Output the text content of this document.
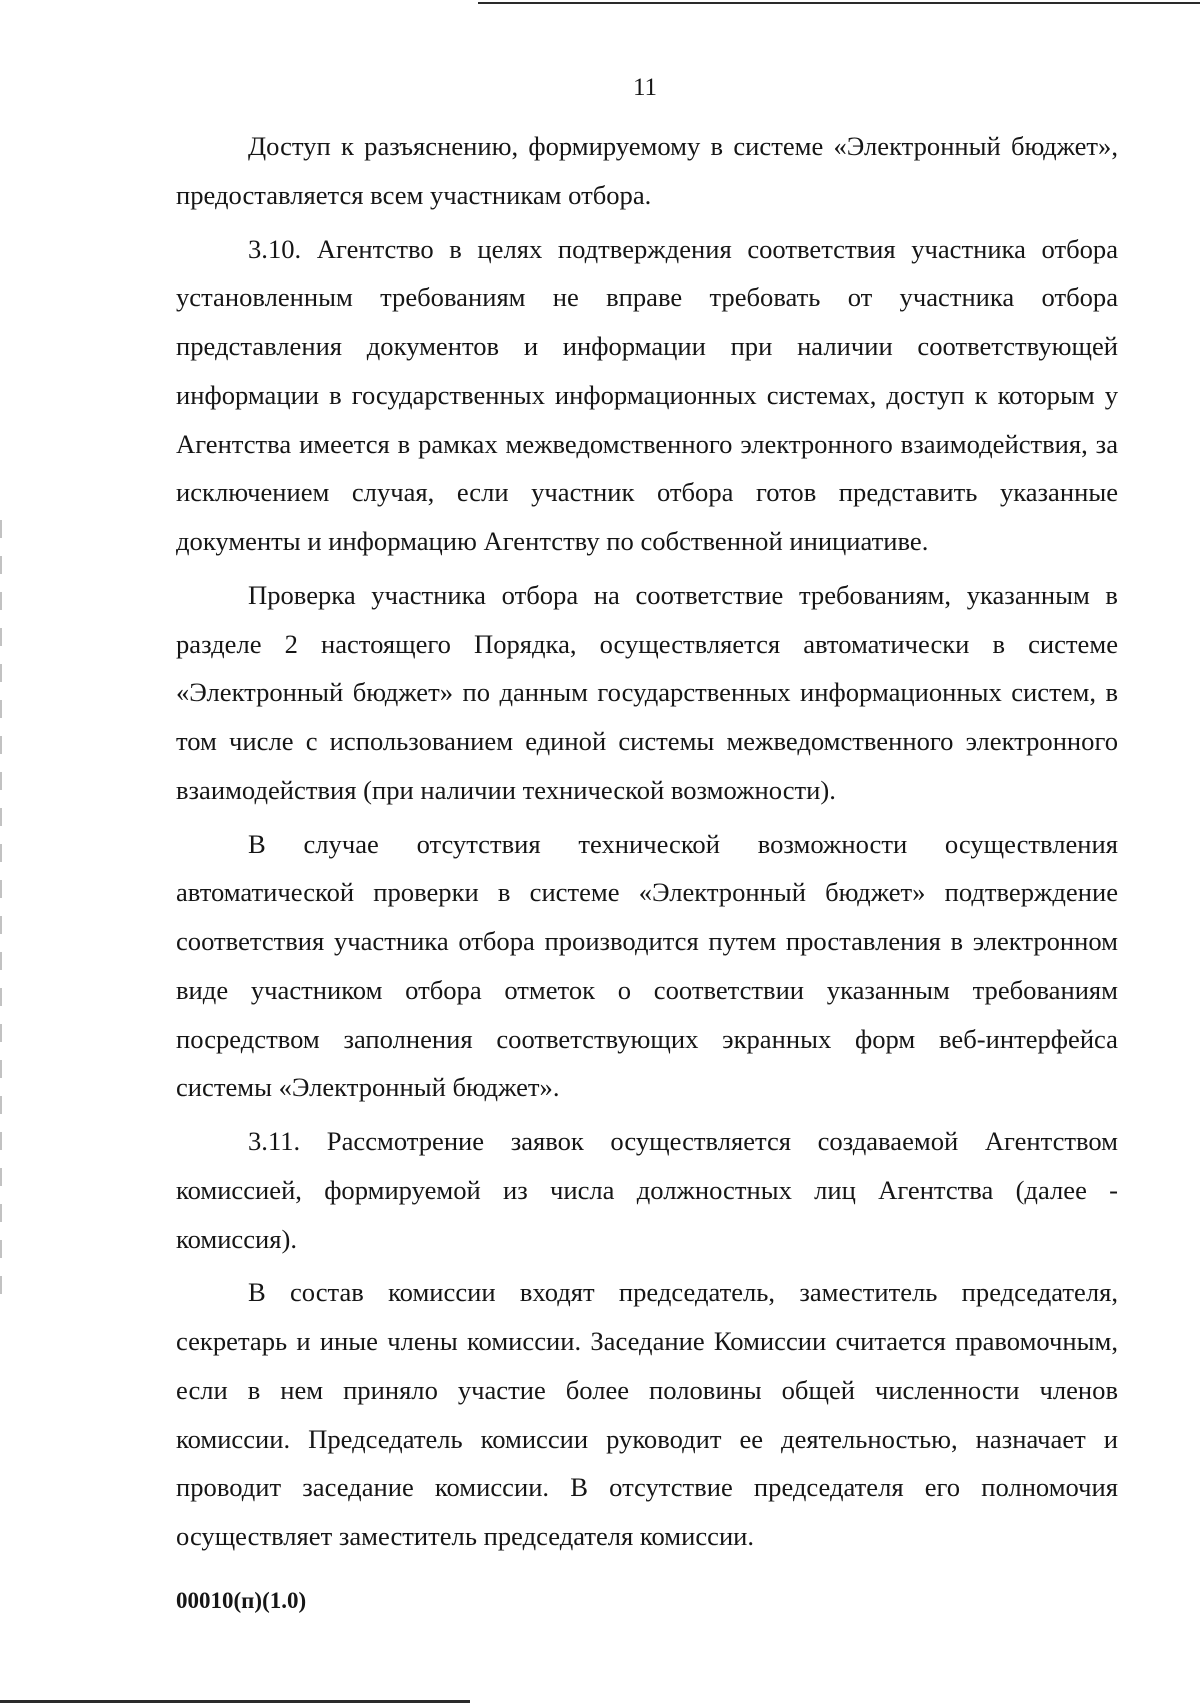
11

Доступ к разъяснению, формируемому в системе «Электронный бюджет», предоставляется всем участникам отбора.

3.10. Агентство в целях подтверждения соответствия участника отбора установленным требованиям не вправе требовать от участника отбора представления документов и информации при наличии соответствующей информации в государственных информационных системах, доступ к которым у Агентства имеется в рамках межведомственного электронного взаимодействия, за исключением случая, если участник отбора готов представить указанные документы и информацию Агентству по собственной инициативе.

Проверка участника отбора на соответствие требованиям, указанным в разделе 2 настоящего Порядка, осуществляется автоматически в системе «Электронный бюджет» по данным государственных информационных систем, в том числе с использованием единой системы межведомственного электронного взаимодействия (при наличии технической возможности).

В случае отсутствия технической возможности осуществления автоматической проверки в системе «Электронный бюджет» подтверждение соответствия участника отбора производится путем проставления в электронном виде участником отбора отметок о соответствии указанным требованиям посредством заполнения соответствующих экранных форм веб-интерфейса системы «Электронный бюджет».

3.11. Рассмотрение заявок осуществляется создаваемой Агентством комиссией, формируемой из числа должностных лиц Агентства (далее - комиссия).

В состав комиссии входят председатель, заместитель председателя, секретарь и иные члены комиссии. Заседание Комиссии считается правомочным, если в нем приняло участие более половины общей численности членов комиссии. Председатель комиссии руководит ее деятельностью, назначает и проводит заседание комиссии. В отсутствие председателя его полномочия осуществляет заместитель председателя комиссии.

00010(п)(1.0)
